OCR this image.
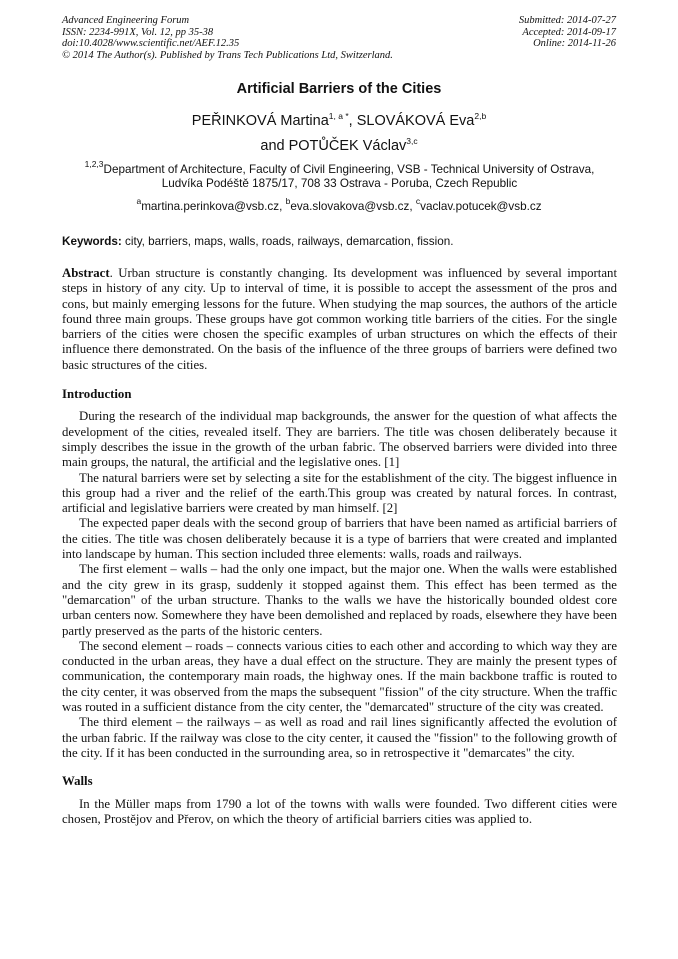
Advanced Engineering Forum
ISSN: 2234-991X, Vol. 12, pp 35-38
doi:10.4028/www.scientific.net/AEF.12.35
© 2014 The Author(s). Published by Trans Tech Publications Ltd, Switzerland.
Submitted: 2014-07-27
Accepted: 2014-09-17
Online: 2014-11-26
Artificial Barriers of the Cities
PEŘINKOVÁ Martina$^{1, a *}$, SLOVÁKOVÁ Eva$^{2,b}$
and POTŮČEK Václav$^{3,c}$
$^{1,2,3}$Department of Architecture, Faculty of Civil Engineering, VSB - Technical University of Ostrava,
Ludvíka Podéště 1875/17, 708 33 Ostrava - Poruba, Czech Republic
$^a$martina.perinkova@vsb.cz, $^b$eva.slovakova@vsb.cz, $^c$vaclav.potucek@vsb.cz
Keywords: city, barriers, maps, walls, roads, railways, demarcation, fission.

Abstract. Urban structure is constantly changing. Its development was influenced by several important steps in history of any city. Up to interval of time, it is possible to accept the assessment of the pros and cons, but mainly emerging lessons for the future. When studying the map sources, the authors of the article found three main groups. These groups have got common working title barriers of the cities. For the single barriers of the cities were chosen the specific examples of urban structures on which the effects of their influence there demonstrated. On the basis of the influence of the three groups of barriers were defined two basic structures of the cities.

Introduction

During the research of the individual map backgrounds, the answer for the question of what affects the development of the cities, revealed itself. They are barriers. The title was chosen deliberately because it simply describes the issue in the growth of the urban fabric. The observed barriers were divided into three main groups, the natural, the artificial and the legislative ones. [1]

The natural barriers were set by selecting a site for the establishment of the city. The biggest influence in this group had a river and the relief of the earth.This group was created by natural forces. In contrast, artificial and legislative barriers were created by man himself. [2]

The expected paper deals with the second group of barriers that have been named as artificial barriers of the cities. The title was chosen deliberately because it is a type of barriers that were created and implanted into landscape by human. This section included three elements: walls, roads and railways.

The first element – walls – had the only one impact, but the major one. When the walls were established and the city grew in its grasp, suddenly it stopped against them. This effect has been termed as the "demarcation" of the urban structure. Thanks to the walls we have the historically bounded oldest core urban centers now. Somewhere they have been demolished and replaced by roads, elsewhere they have been partly preserved as the parts of the historic centers.

The second element – roads – connects various cities to each other and according to which way they are conducted in the urban areas, they have a dual effect on the structure. They are mainly the present types of communication, the contemporary main roads, the highway ones. If the main backbone traffic is routed to the city center, it was observed from the maps the subsequent "fission" of the city structure. When the traffic was routed in a sufficient distance from the city center, the "demarcated" structure of the city was created.

The third element – the railways – as well as road and rail lines significantly affected the evolution of the urban fabric. If the railway was close to the city center, it caused the "fission" to the following growth of the city. If it has been conducted in the surrounding area, so in retrospective it "demarcates" the city.

Walls

In the Müller maps from 1790 a lot of the towns with walls were founded. Two different cities were chosen, Prostějov and Přerov, on which the theory of artificial barriers cities was applied to.
